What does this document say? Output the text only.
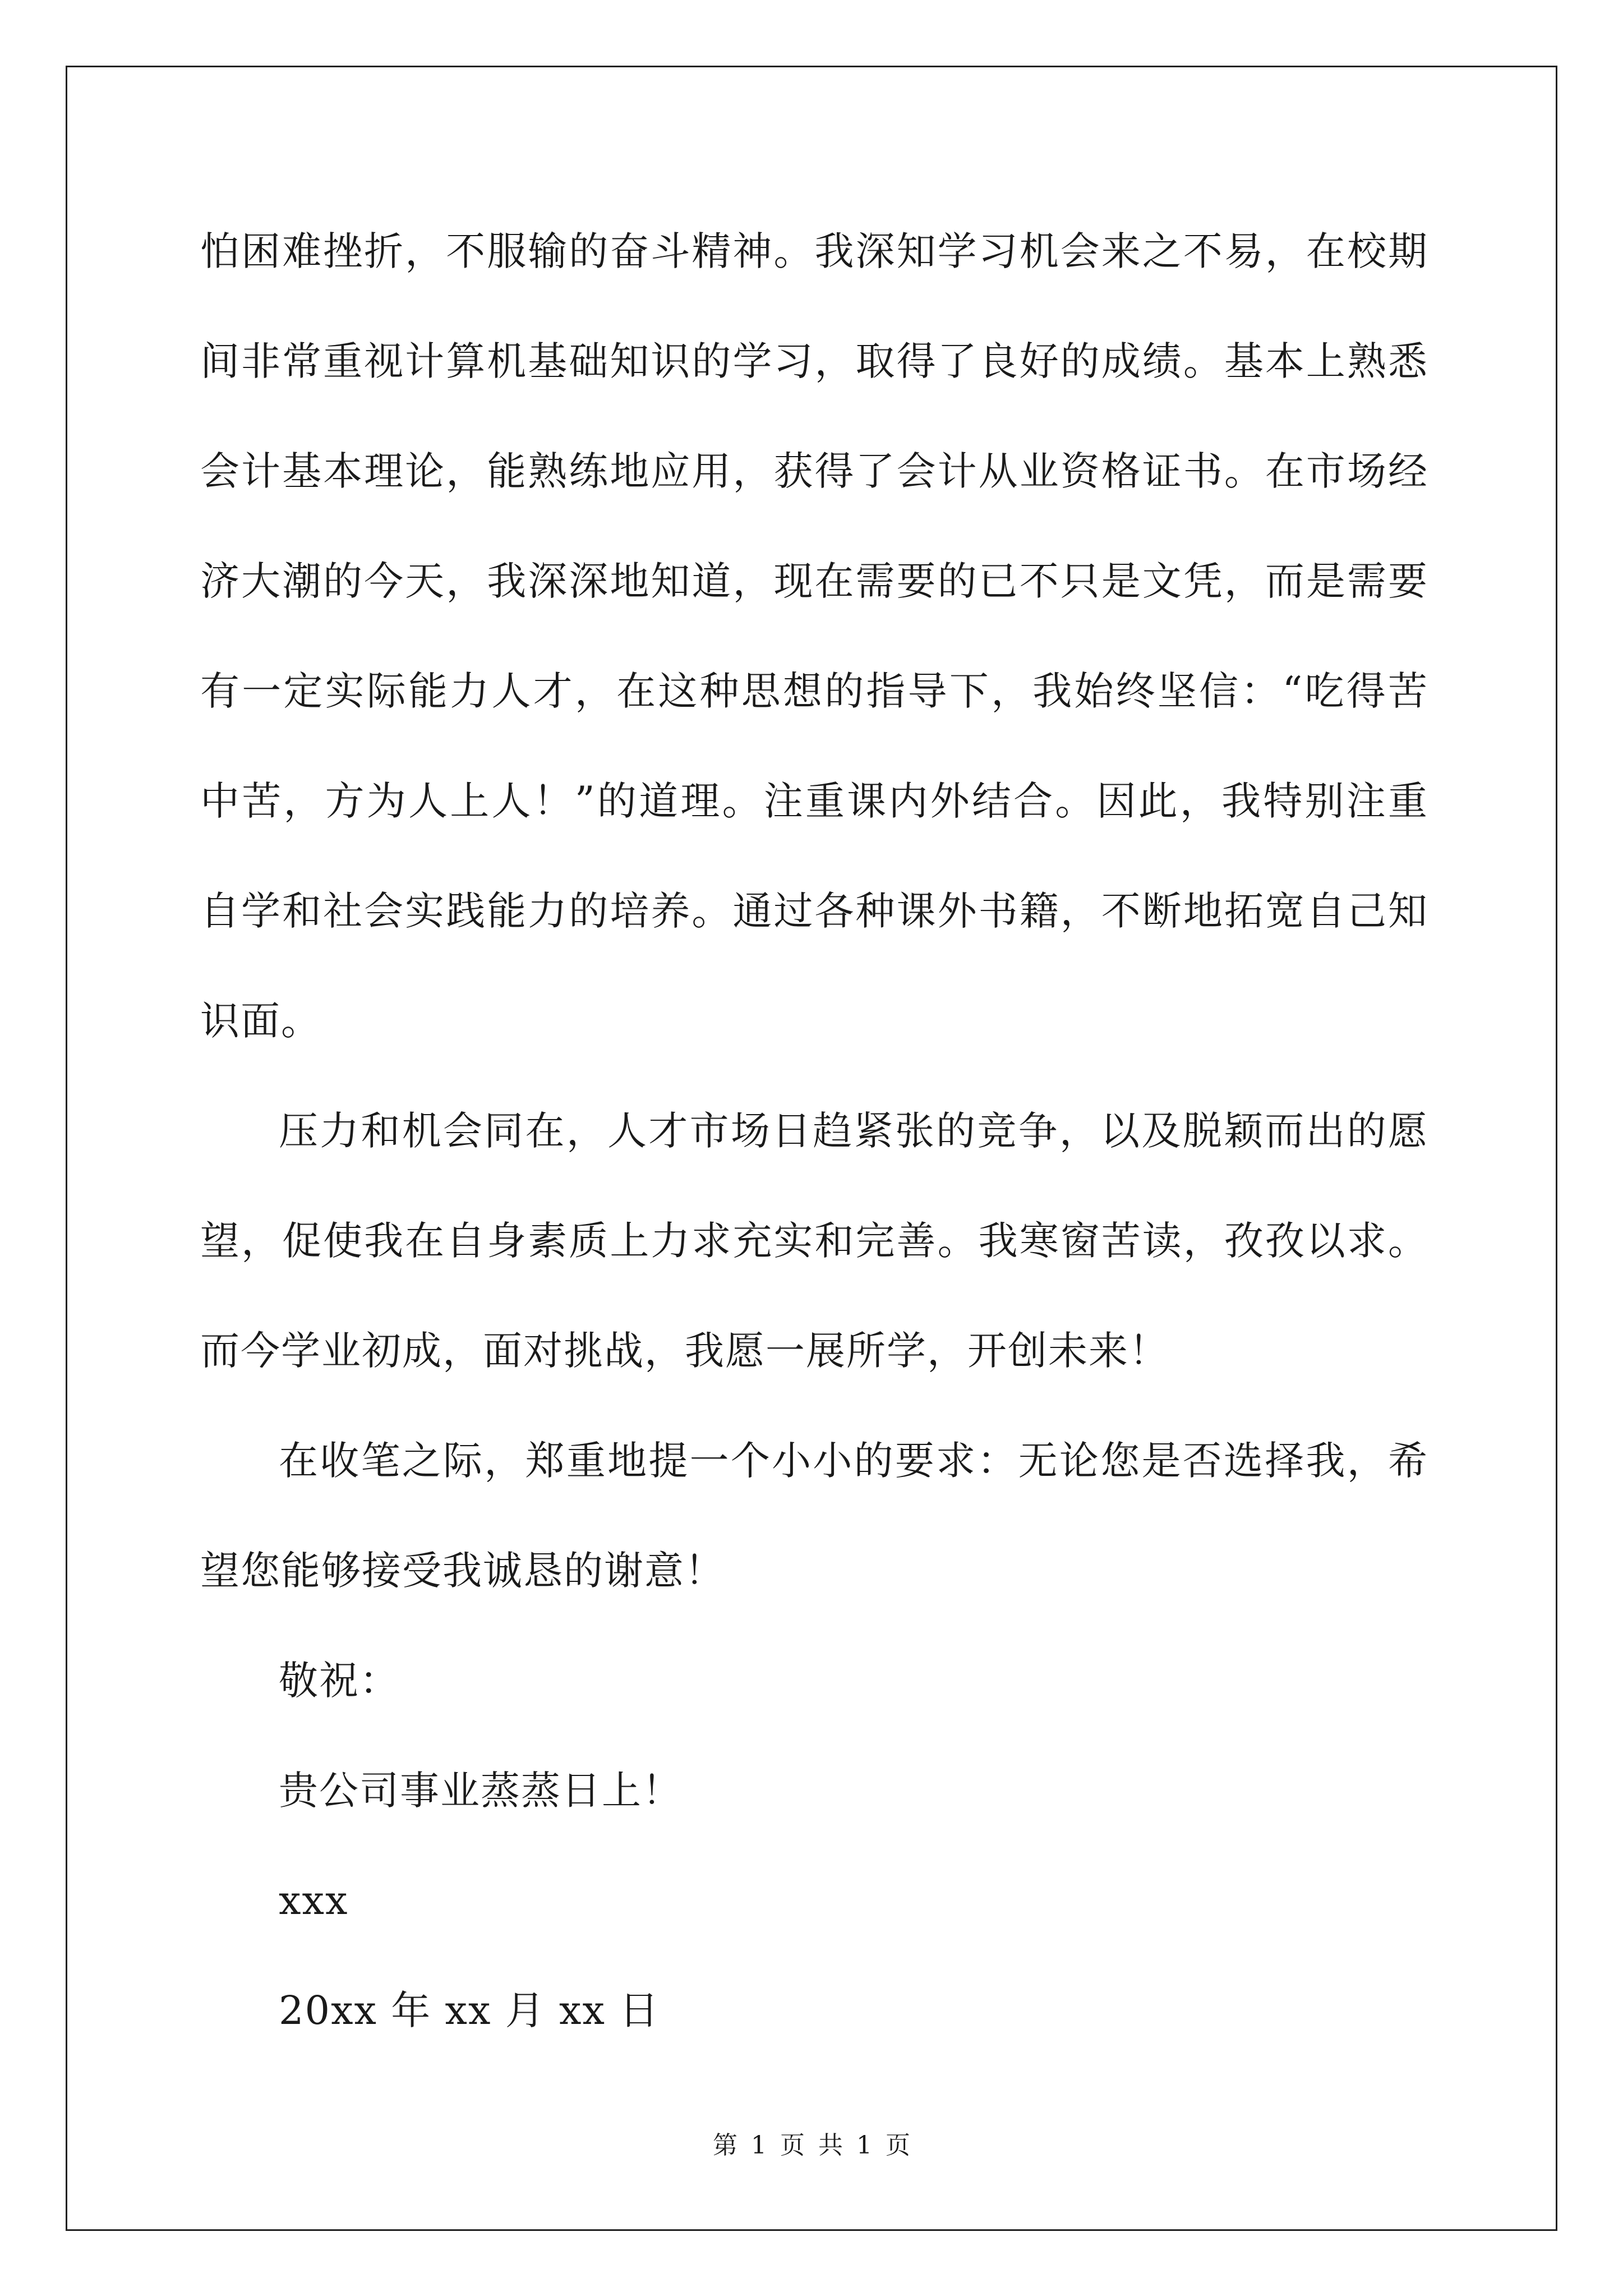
怕困难挫折，不服输的奋斗精神。我深知学习机会来之不易，在校期间非常重视计算机基础知识的学习，取得了良好的成绩。基本上熟悉会计基本理论，能熟练地应用，获得了会计从业资格证书。在市场经济大潮的今天，我深深地知道，现在需要的已不只是文凭，而是需要有一定实际能力人才，在这种思想的指导下，我始终坚信：“吃得苦中苦，方为人上人！”的道理。注重课内外结合。因此，我特别注重自学和社会实践能力的培养。通过各种课外书籍，不断地拓宽自己知识面。

压力和机会同在，人才市场日趋紧张的竞争，以及脱颖而出的愿望，促使我在自身素质上力求充实和完善。我寒窗苦读，孜孜以求。而今学业初成，面对挑战，我愿一展所学，开创未来！

在收笔之际，郑重地提一个小小的要求：无论您是否选择我，希望您能够接受我诚恳的谢意！

敬祝：

贵公司事业蒸蒸日上！

xxx

20xx 年 xx 月 xx 日

第 1 页 共 1 页
